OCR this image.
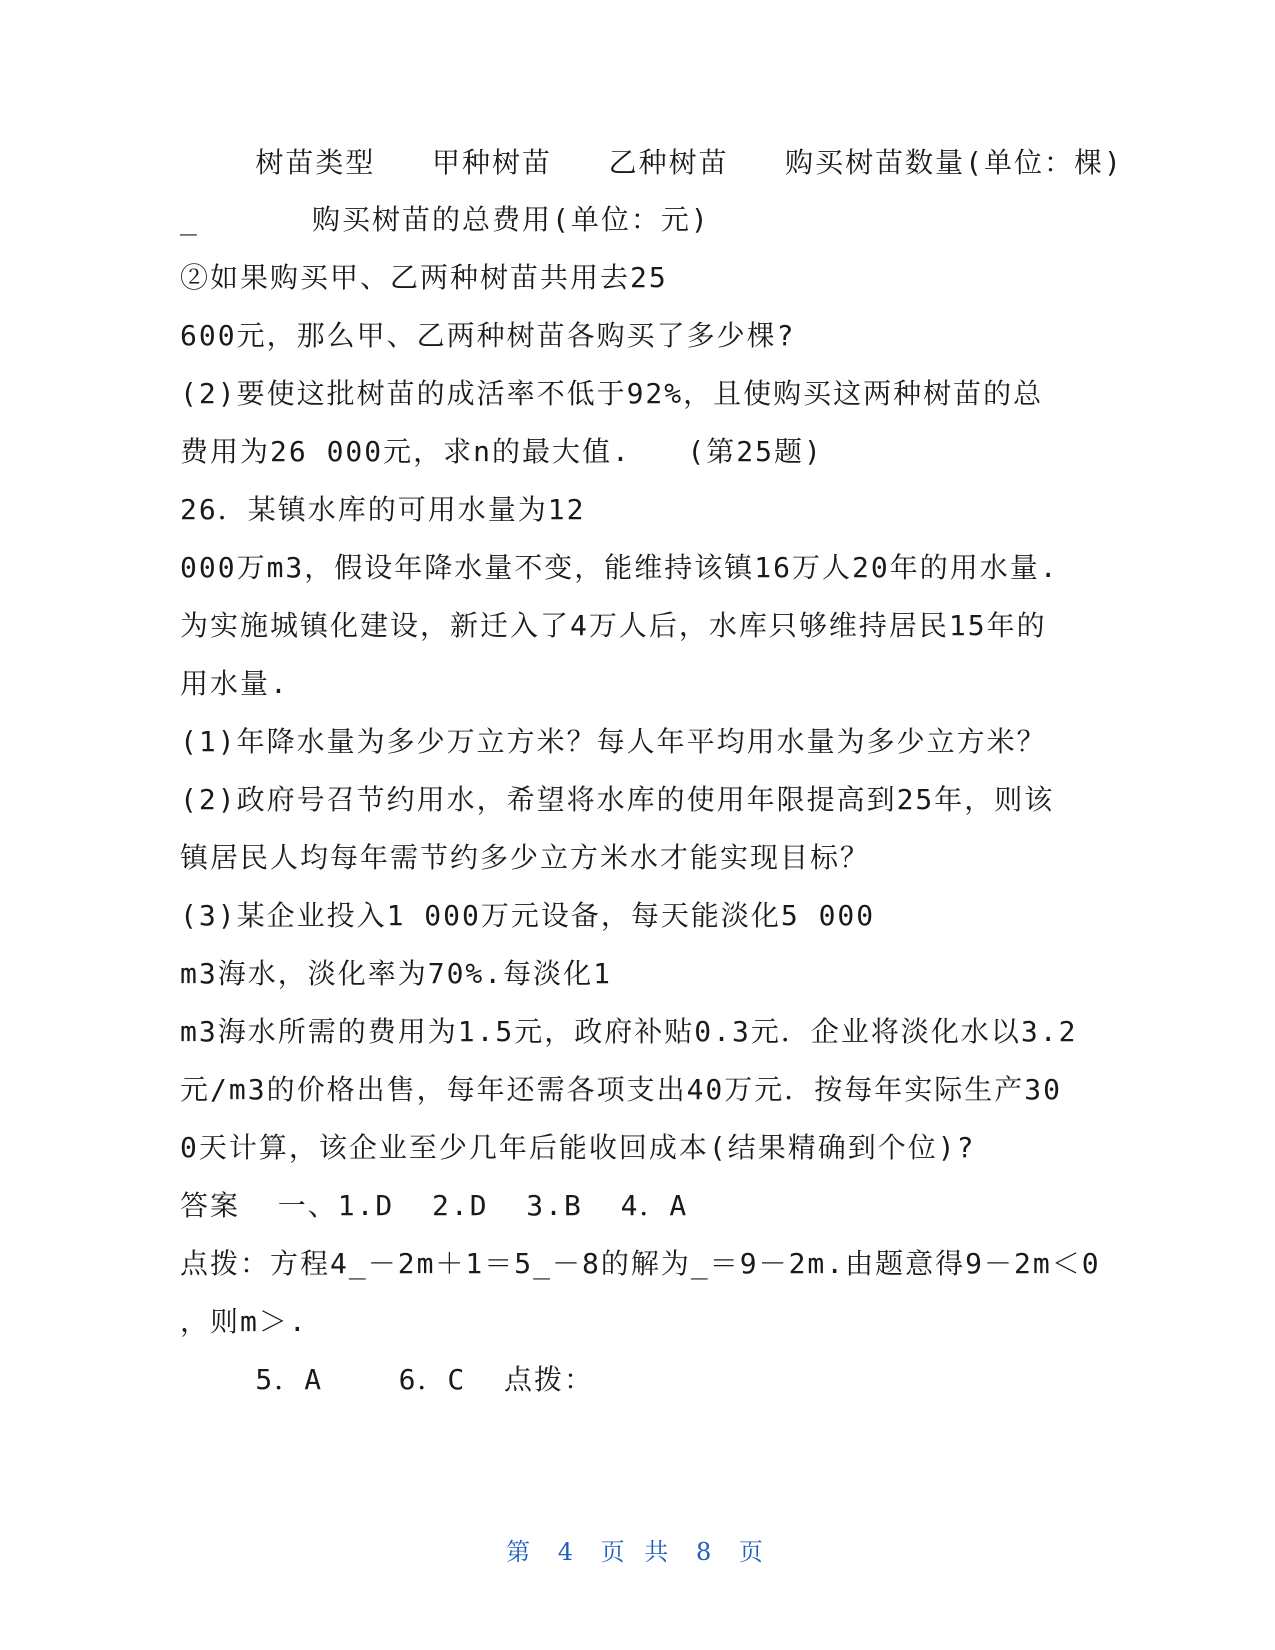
树苗类型   甲种树苗   乙种树苗   购买树苗数量(单位：棵)
_      购买树苗的总费用(单位：元)
②如果购买甲、乙两种树苗共用去25
600元，那么甲、乙两种树苗各购买了多少棵?
(2)要使这批树苗的成活率不低于92%，且使购买这两种树苗的总
费用为26 000元，求n的最大值.   (第25题)
26．某镇水库的可用水量为12
000万m3，假设年降水量不变，能维持该镇16万人20年的用水量.
为实施城镇化建设，新迁入了4万人后，水库只够维持居民15年的
用水量.
(1)年降水量为多少万立方米？每人年平均用水量为多少立方米？
(2)政府号召节约用水，希望将水库的使用年限提高到25年，则该
镇居民人均每年需节约多少立方米水才能实现目标？
(3)某企业投入1 000万元设备，每天能淡化5 000
m3海水，淡化率为70%.每淡化1
m3海水所需的费用为1.5元，政府补贴0.3元．企业将淡化水以3.2
元/m3的价格出售，每年还需各项支出40万元．按每年实际生产30
0天计算，该企业至少几年后能收回成本(结果精确到个位)?
答案  一、1.D  2.D  3.B  4．A
点拨：方程4_－2m＋1＝5_－8的解为_＝9－2m.由题意得9－2m＜0
，则m＞.
5．A    6．C  点拨：
第 4 页 共 8 页
